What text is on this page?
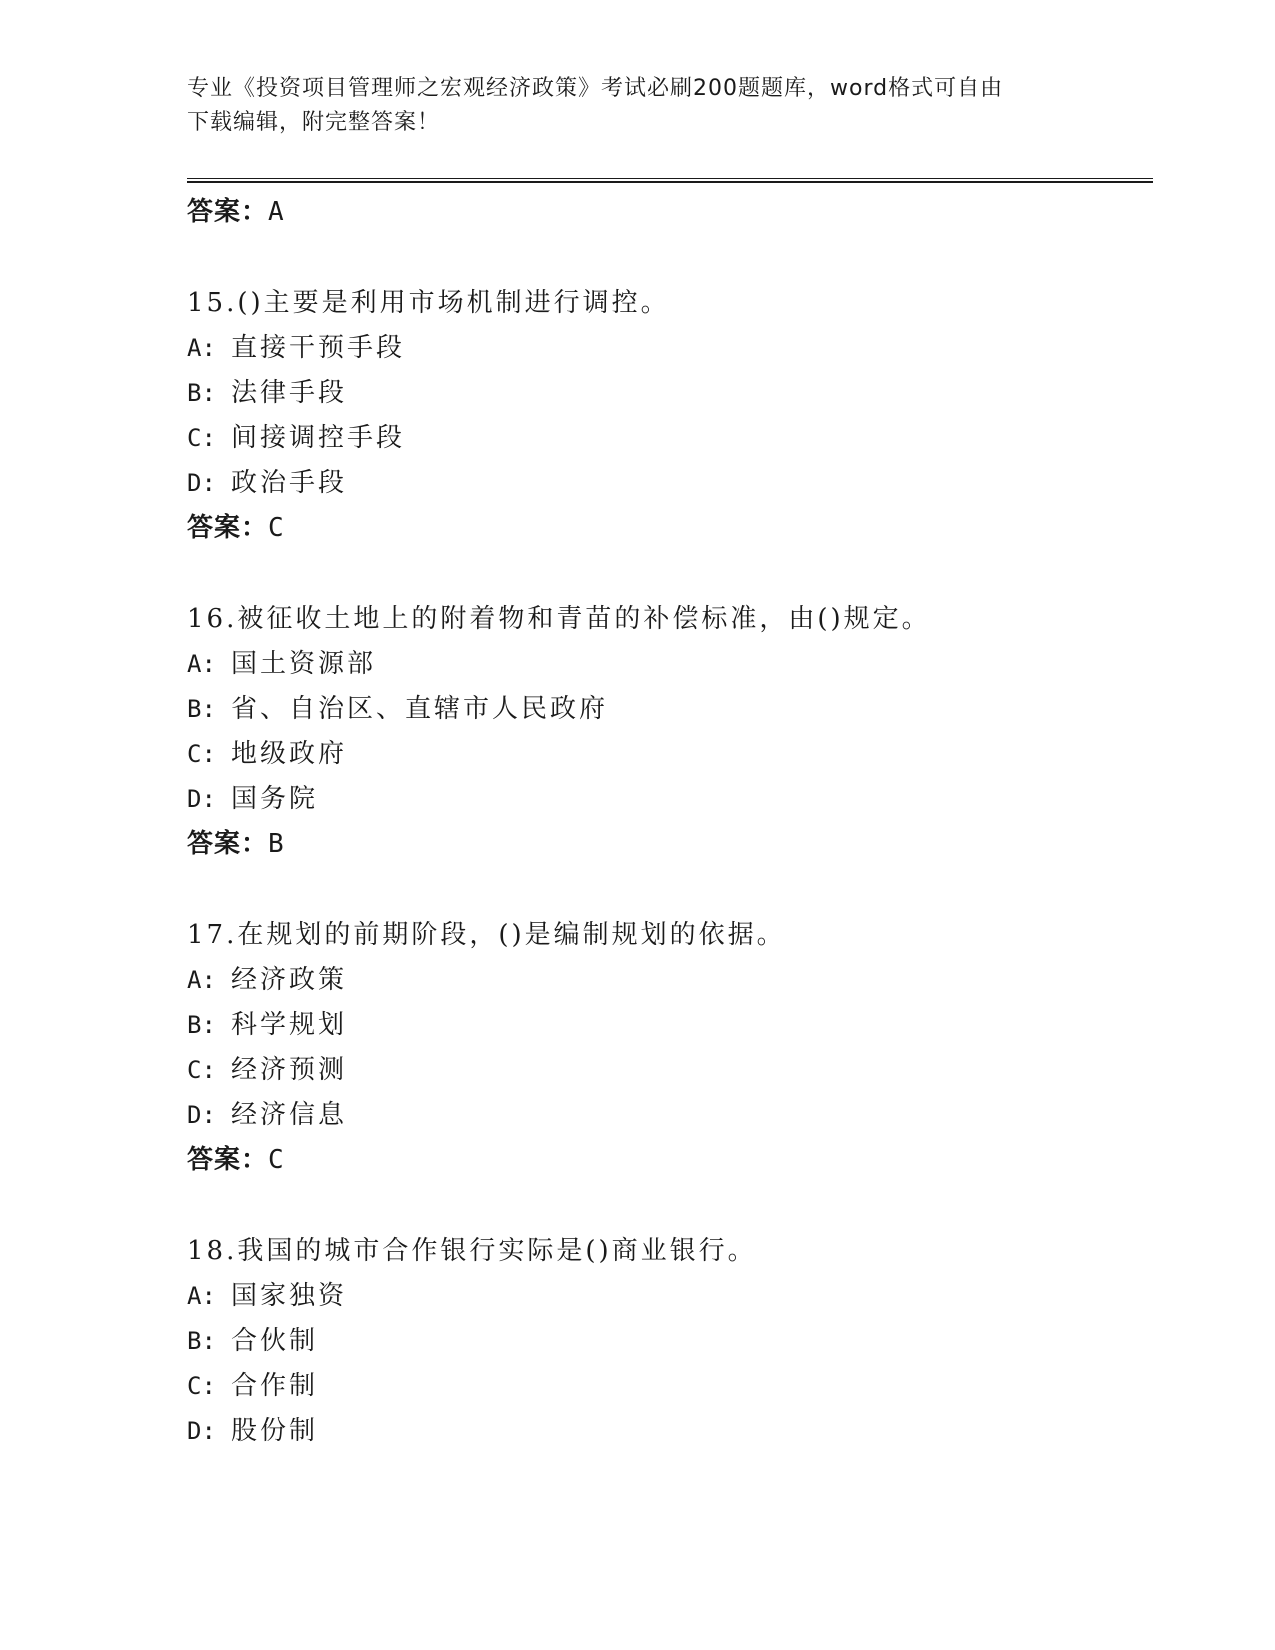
专业《投资项目管理师之宏观经济政策》考试必刷200题题库，word格式可自由
下载编辑，附完整答案！
答案：A
15.()主要是利用市场机制进行调控。
A: 直接干预手段
B: 法律手段
C: 间接调控手段
D: 政治手段
答案：C
16.被征收土地上的附着物和青苗的补偿标准，由()规定。
A: 国土资源部
B: 省、自治区、直辖市人民政府
C: 地级政府
D: 国务院
答案：B
17.在规划的前期阶段，()是编制规划的依据。
A: 经济政策
B: 科学规划
C: 经济预测
D: 经济信息
答案：C
18.我国的城市合作银行实际是()商业银行。
A: 国家独资
B: 合伙制
C: 合作制
D: 股份制
